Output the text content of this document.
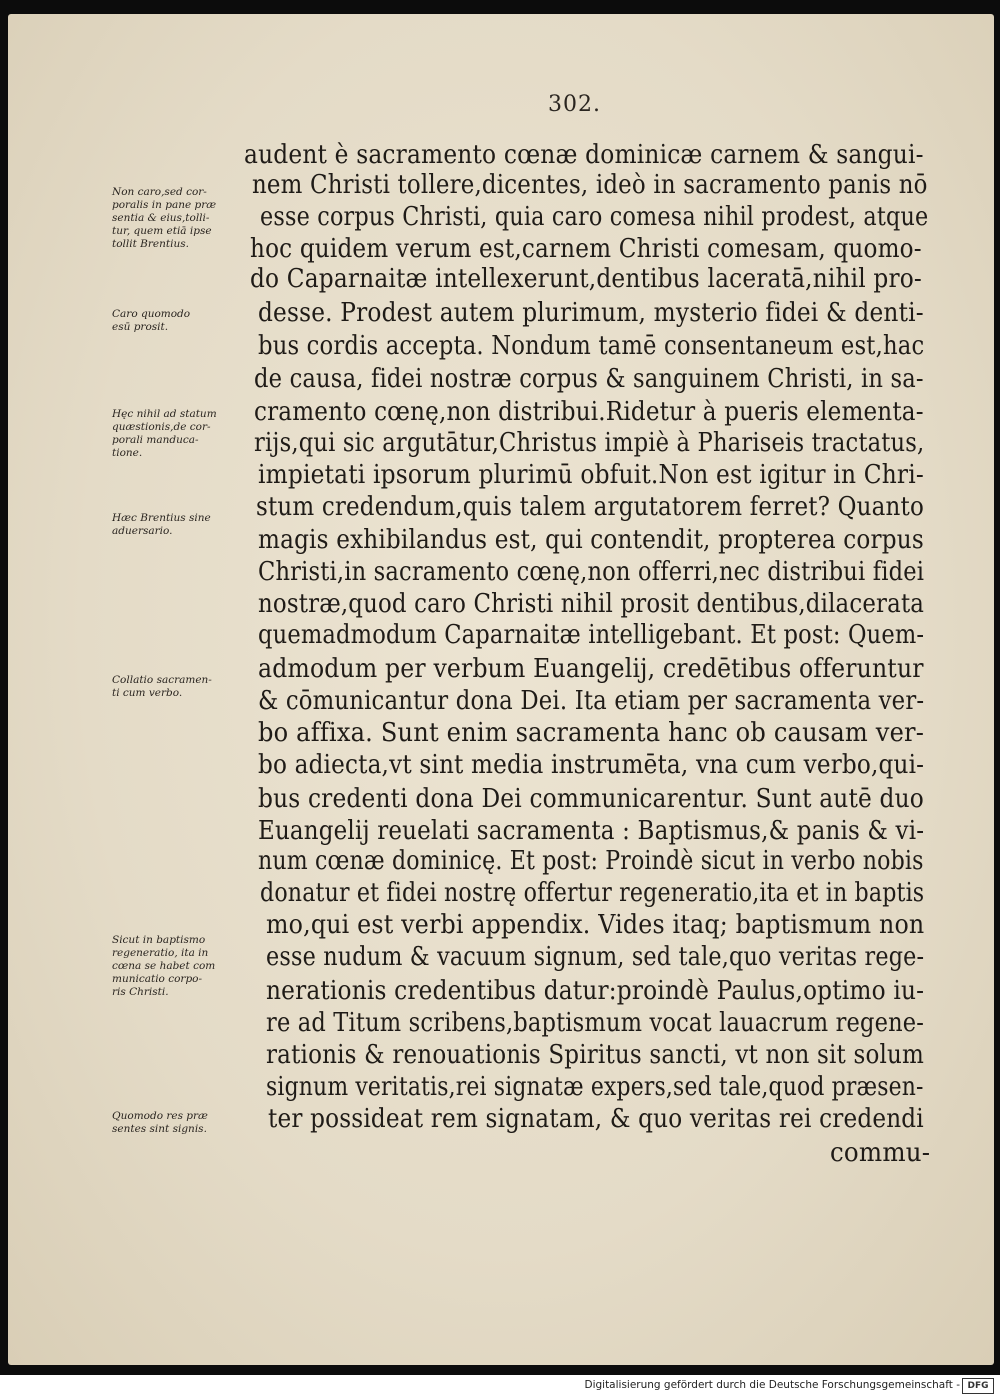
302.
audent è sacramento cœnæ dominicæ carnem & sangui-
nem Christi tollere,dicentes, ideò in sacramento panis nō
esse corpus Christi, quia caro comesa nihil prodest, atque
hoc quidem verum est,carnem Christi comesam, quomo-
do Caparnaitæ intellexerunt,dentibus laceratā,nihil pro-
desse. Prodest autem plurimum, mysterio fidei & denti-
bus cordis accepta. Nondum tamē consentaneum est,hac
de causa, fidei nostræ corpus & sanguinem Christi, in sa-
cramento cœnę,non distribui.Ridetur à pueris elementa-
rijs,qui sic argutātur,Christus impiè à Phariseis tractatus,
impietati ipsorum plurimū obfuit.Non est igitur in Chri-
stum credendum,quis talem argutatorem ferret? Quanto
magis exhibilandus est, qui contendit, propterea corpus
Christi,in sacramento cœnę,non offerri,nec distribui fidei
nostræ,quod caro Christi nihil prosit dentibus,dilacerata
quemadmodum Caparnaitæ intelligebant. Et post: Quem-
admodum per verbum Euangelij, credētibus offeruntur
& cōmunicantur dona Dei. Ita etiam per sacramenta ver-
bo affixa. Sunt enim sacramenta hanc ob causam ver-
bo adiecta,vt sint media instrumēta, vna cum verbo,qui-
bus credenti dona Dei communicarentur. Sunt autē duo
Euangelij reuelati sacramenta : Baptismus,& panis & vi-
num cœnæ dominicę. Et post: Proindè sicut in verbo nobis
donatur et fidei nostrę offertur regeneratio,ita et in baptis
mo,qui est verbi appendix. Vides itaq; baptismum non
esse nudum & vacuum signum, sed tale,quo veritas rege-
nerationis credentibus datur:proindè Paulus,optimo iu-
re ad Titum scribens,baptismum vocat lauacrum regene-
rationis & renouationis Spiritus sancti, vt non sit solum
signum veritatis,rei signatæ expers,sed tale,quod præsen-
ter possideat rem signatam, & quo veritas rei credendi
commu-
Non caro,sed cor-
poralis in pane præ
sentia & eius,tolli-
tur, quem etiā ipse
tollit Brentius.
Caro quomodo
esū prosit.
Hęc nihil ad statum
quæstionis,de cor-
porali manduca-
tione.
Hæc Brentius sine
aduersario.
Collatio sacramen-
ti cum verbo.
Sicut in baptismo
regeneratio, ita in
cœna se habet com
municatio corpo-
ris Christi.
Quomodo res præ
sentes sint signis.
Digitalisierung gefördert durch die Deutsche Forschungsgemeinschaft - DFG
